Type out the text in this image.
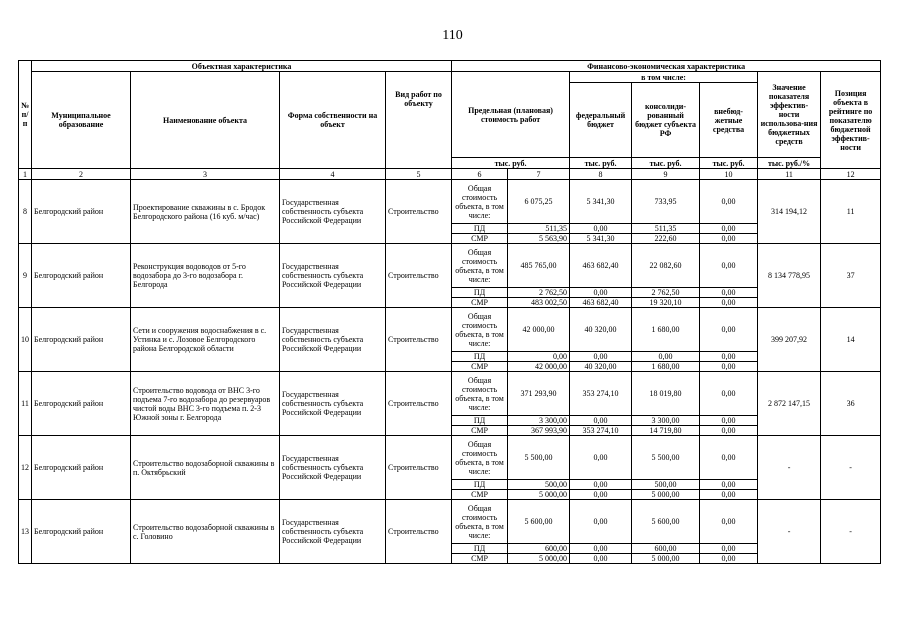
110
№ п/п	Объектная характеристика				Финансово-экономическая характеристика						
	Муниципальное образование	Наименование объекта	Форма собственности на объект	Вид работ по объекту	Предельная (плановая) стоимость работ		в том числе:			Значение показателя эффектив-ности использова-ния бюджетных средств	Позиция объекта в рейтинге по показателю бюджетной эффектив-ности
							федеральный бюджет	консолиди-рованный бюджет субъекта РФ	внебюд-жетные средства		
					тыс. руб.		тыс. руб.	тыс. руб.	тыс. руб.	тыс. руб./%	
1	2	3	4	5	6	7	8	9	10	11	12
8	Белгородский район	Проектирование скважины в с. Бродок Белгородского района (16 куб. м/час)	Государственная собственность субъекта Российской Федерации	Строительство	Общая стоимость объекта, в том числе:	6 075,25	5 341,30	733,95	0,00	314 194,12	11
					ПД	511,35	0,00	511,35	0,00		
					СМР	5 563,90	5 341,30	222,60	0,00		
9	Белгородский район	Реконструкция водоводов от 5-го водозабора до 3-го водозабора г. Белгорода	Государственная собственность субъекта Российской Федерации	Строительство	Общая стоимость объекта, в том числе:	485 765,00	463 682,40	22 082,60	0,00	8 134 778,95	37
					ПД	2 762,50	0,00	2 762,50	0,00		
					СМР	483 002,50	463 682,40	19 320,10	0,00		
10	Белгородский район	Сети и сооружения водоснабжения в с. Устинка и с. Лозовое Белгородского района Белгородской области	Государственная собственность субъекта Российской Федерации	Строительство	Общая стоимость объекта, в том числе:	42 000,00	40 320,00	1 680,00	0,00	399 207,92	14
					ПД	0,00	0,00	0,00	0,00		
					СМР	42 000,00	40 320,00	1 680,00	0,00		
11	Белгородский район	Строительство водовода от ВНС 3-го подъема 7-го водозабора до резервуаров чистой воды ВНС 3-го подъема п. 2-3 Южной зоны г. Белгорода	Государственная собственность субъекта Российской Федерации	Строительство	Общая стоимость объекта, в том числе:	371 293,90	353 274,10	18 019,80	0,00	2 872 147,15	36
					ПД	3 300,00	0,00	3 300,00	0,00		
					СМР	367 993,90	353 274,10	14 719,80	0,00		
12	Белгородский район	Строительство водозаборной скважины в п. Октябрьский	Государственная собственность субъекта Российской Федерации	Строительство	Общая стоимость объекта, в том числе:	5 500,00	0,00	5 500,00	0,00	-	-
					ПД	500,00	0,00	500,00	0,00		
					СМР	5 000,00	0,00	5 000,00	0,00		
13	Белгородский район	Строительство водозаборной скважины в с. Головино	Государственная собственность субъекта Российской Федерации	Строительство	Общая стоимость объекта, в том числе:	5 600,00	0,00	5 600,00	0,00	-	-
					ПД	600,00	0,00	600,00	0,00		
					СМР	5 000,00	0,00	5 000,00	0,00		
